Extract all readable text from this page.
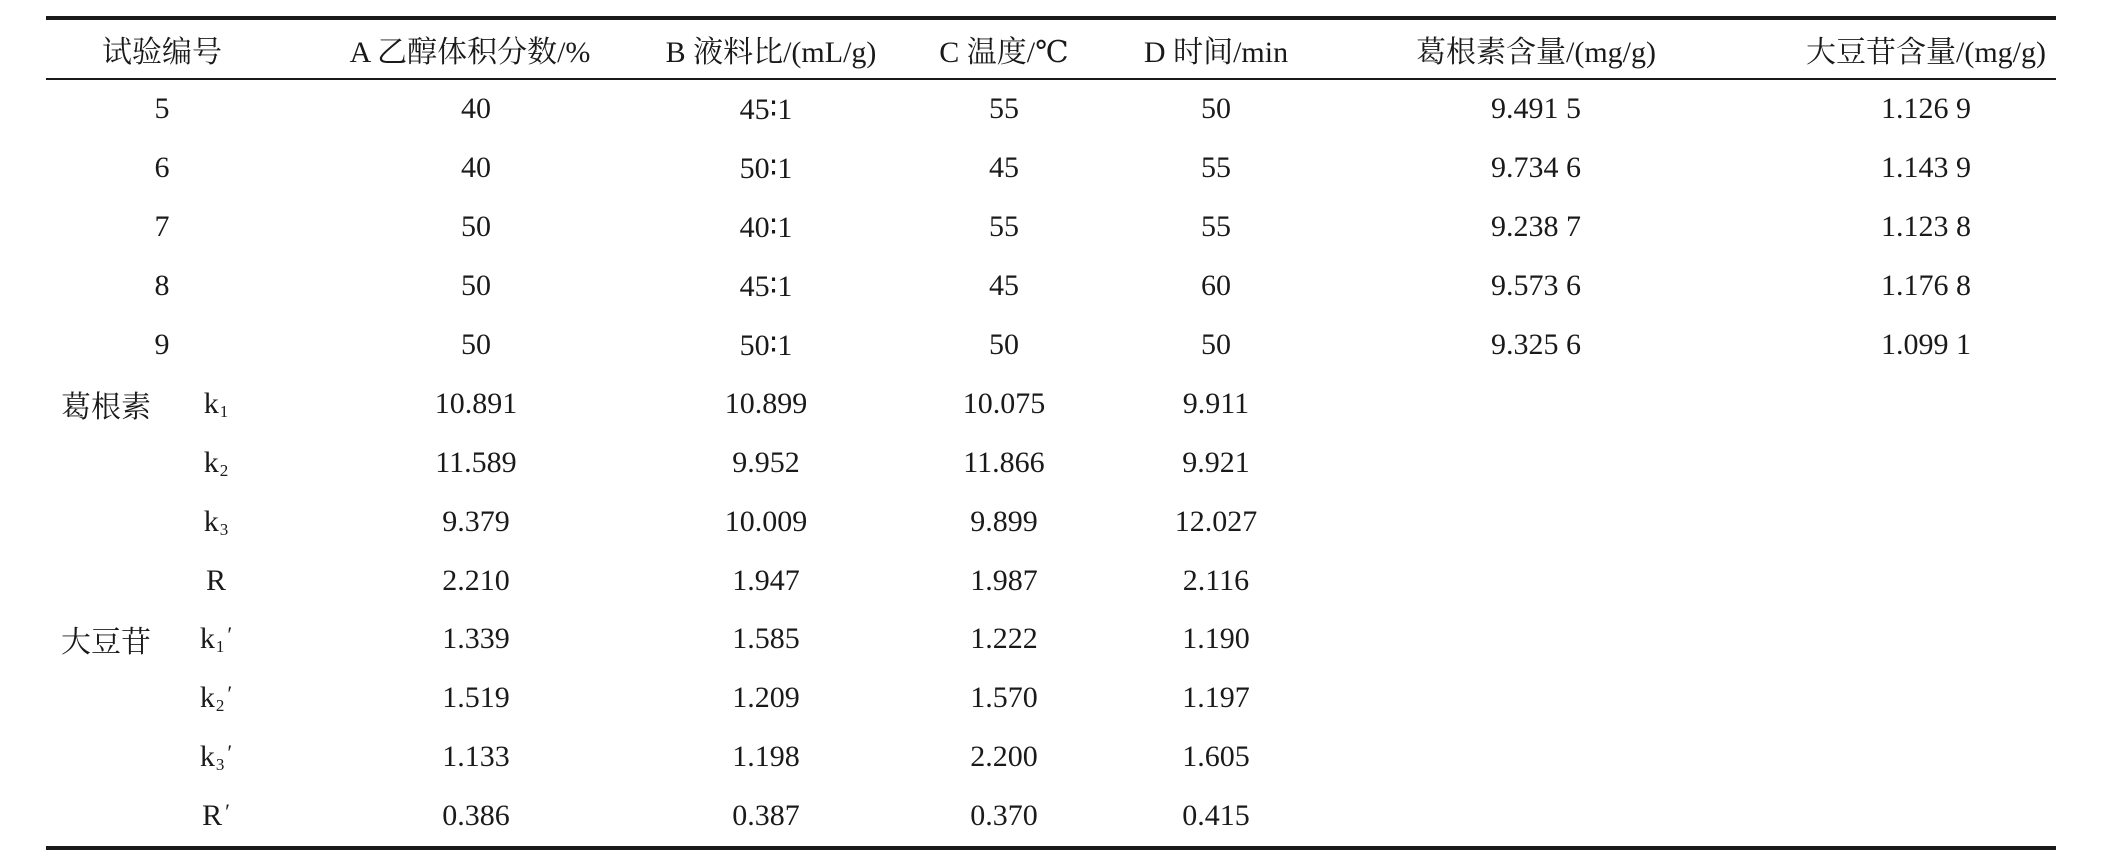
试验编号	A 乙醇体积分数/%	B 液料比/(mL/g)	C 温度/℃	D 时间/min	葛根素含量/(mg/g)	大豆苷含量/(mg/g)
5	40	45∶1	55	50	9.491 5	1.126 9
6	40	50∶1	45	55	9.734 6	1.143 9
7	50	40∶1	55	55	9.238 7	1.123 8
8	50	45∶1	45	60	9.573 6	1.176 8
9	50	50∶1	50	50	9.325 6	1.099 1
葛根素	k 1	10.891	10.899	10.075	9.911
k 2	11.589	9.952	11.866	9.921
k 3	9.379	10.009	9.899	12.027
R	2.210	1.947	1.987	2.116
大豆苷	k 1 ′	1.339	1.585	1.222	1.190
k 2 ′	1.519	1.209	1.570	1.197
k 3 ′	1.133	1.198	2.200	1.605
R ′	0.386	0.387	0.370	0.415
